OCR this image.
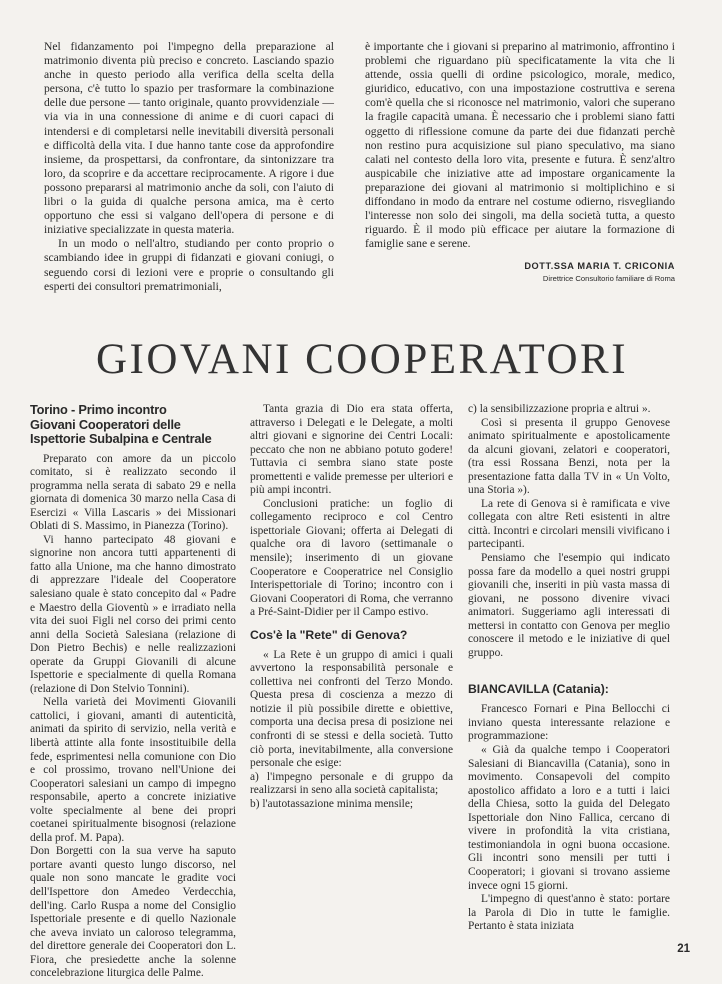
Nel fidanzamento poi l'impegno della preparazione al matrimonio diventa più preciso e concreto. Lasciando spazio anche in questo periodo alla verifica della scelta della persona, c'è tutto lo spazio per trasformare la combinazione delle due persone — tanto originale, quanto provvidenziale — via via in una connessione di anime e di cuori capaci di intendersi e di completarsi nelle inevitabili diversità personali e difficoltà della vita. I due hanno tante cose da approfondire insieme, da prospettarsi, da confrontare, da sintonizzare tra loro, da scoprire e da accettare reciprocamente. A rigore i due possono prepararsi al matrimonio anche da soli, con l'aiuto di libri o la guida di qualche persona amica, ma è certo opportuno che essi si valgano dell'opera di persone e di iniziative specializzate in questa materia.

In un modo o nell'altro, studiando per conto proprio o scambiando idee in gruppi di fidanzati e giovani coniugi, o seguendo corsi di lezioni vere e proprie o consultando gli esperti dei consultori prematrimoniali,

è importante che i giovani si preparino al matrimonio, affrontino i problemi che riguardano più specificatamente la vita che li attende, ossia quelli di ordine psicologico, morale, medico, giuridico, educativo, con una impostazione costruttiva e serena com'è quella che si riconosce nel matrimonio, valori che superano la fragile capacità umana. È necessario che i problemi siano fatti oggetto di riflessione comune da parte dei due fidanzati perchè non restino pura acquisizione sul piano speculativo, ma siano calati nel contesto della loro vita, presente e futura. È senz'altro auspicabile che iniziative atte ad impostare organicamente la preparazione dei giovani al matrimonio si moltiplichino e si diffondano in modo da entrare nel costume odierno, risvegliando l'interesse non solo dei singoli, ma della società tutta, a questo riguardo. È il modo più efficace per aiutare la formazione di famiglie sane e serene.

DOTT.SSA MARIA T. CRICONIA
Direttrice Consultorio familiare di Roma
GIOVANI COOPERATORI
Torino - Primo incontro
Giovani Cooperatori delle
Ispettorie Subalpina e Centrale

Preparato con amore da un piccolo comitato, si è realizzato secondo il programma nella serata di sabato 29 e nella giornata di domenica 30 marzo nella Casa di Esercizi « Villa Lascaris » dei Missionari Oblati di S. Massimo, in Pianezza (Torino).

Vi hanno partecipato 48 giovani e signorine non ancora tutti appartenenti di fatto alla Unione, ma che hanno dimostrato di apprezzare l'ideale del Cooperatore salesiano quale è stato concepito dal « Padre e Maestro della Gioventù » e irradiato nella vita dei suoi Figli nel corso dei primi cento anni della Società Salesiana (relazione di Don Pietro Bechis) e nelle realizzazioni operate da Gruppi Giovanili di alcune Ispettorie e specialmente di quella Romana (relazione di Don Stelvio Tonnini).

Nella varietà dei Movimenti Giovanili cattolici, i giovani, amanti di autenticità, animati da spirito di servizio, nella verità e libertà attinte alla fonte insostituibile della fede, esprimentesi nella comunione con Dio e col prossimo, trovano nell'Unione dei Cooperatori salesiani un campo di impegno responsabile, aperto a concrete iniziative volte specialmente al bene dei propri coetanei spiritualmente bisognosi (relazione della prof. M. Papa).

Don Borgetti con la sua verve ha saputo portare avanti questo lungo discorso, nel quale non sono mancate le gradite voci dell'Ispettore don Amedeo Verdecchia, dell'ing. Carlo Ruspa a nome del Consiglio Ispettoriale presente e di quello Nazionale che aveva inviato un caloroso telegramma, del direttore generale dei Cooperatori don L. Fiora, che presiedette anche la solenne concelebrazione liturgica delle Palme.

Tanta grazia di Dio era stata offerta, attraverso i Delegati e le Delegate, a molti altri giovani e signorine dei Centri Locali: peccato che non ne abbiano potuto godere! Tuttavia ci sembra siano state poste promettenti e valide premesse per ulteriori e più ampi incontri.

Conclusioni pratiche: un foglio di collegamento reciproco e col Centro ispettoriale Giovani; offerta ai Delegati di qualche ora di lavoro (settimanale o mensile); inserimento di un giovane Cooperatore e Cooperatrice nel Consiglio Interispettoriale di Torino; incontro con i Giovani Cooperatori di Roma, che verranno a Pré-Saint-Didier per il Campo estivo.

Cos'è la "Rete" di Genova?

« La Rete è un gruppo di amici i quali avvertono la responsabilità personale e collettiva nei confronti del Terzo Mondo. Questa presa di coscienza a mezzo di notizie il più possibile dirette e obiettive, comporta una decisa presa di posizione nei confronti di se stessi e della società. Tutto ciò porta, inevitabilmente, alla conversione personale che esige:

a) l'impegno personale e di gruppo da realizzarsi in seno alla società capitalista;

b) l'autotassazione minima mensile;

c) la sensibilizzazione propria e altrui ».

Così si presenta il gruppo Genovese animato spiritualmente e apostolicamente da alcuni giovani, zelatori e cooperatori, (tra essi Rossana Benzi, nota per la presentazione fatta dalla TV in « Un Volto, una Storia »).

La rete di Genova si è ramificata e vive collegata con altre Reti esistenti in altre città. Incontri e circolari mensili vivificano i partecipanti.

Pensiamo che l'esempio qui indicato possa fare da modello a quei nostri gruppi giovanili che, inseriti in più vasta massa di giovani, ne possono divenire vivaci animatori. Suggeriamo agli interessati di mettersi in contatto con Genova per meglio conoscere il metodo e le iniziative di quel gruppo.

BIANCAVILLA (Catania):

Francesco Fornari e Pina Bellocchi ci inviano questa interessante relazione e programmazione:

« Già da qualche tempo i Cooperatori Salesiani di Biancavilla (Catania), sono in movimento. Consapevoli del compito apostolico affidato a loro e a tutti i laici della Chiesa, sotto la guida del Delegato Ispettoriale don Nino Fallica, cercano di vivere in profondità la vita cristiana, testimoniandola in ogni buona occasione. Gli incontri sono mensili per tutti i Cooperatori; i giovani si trovano assieme invece ogni 15 giorni.

L'impegno di quest'anno è stato: portare la Parola di Dio in tutte le famiglie. Pertanto è stata iniziata

21
